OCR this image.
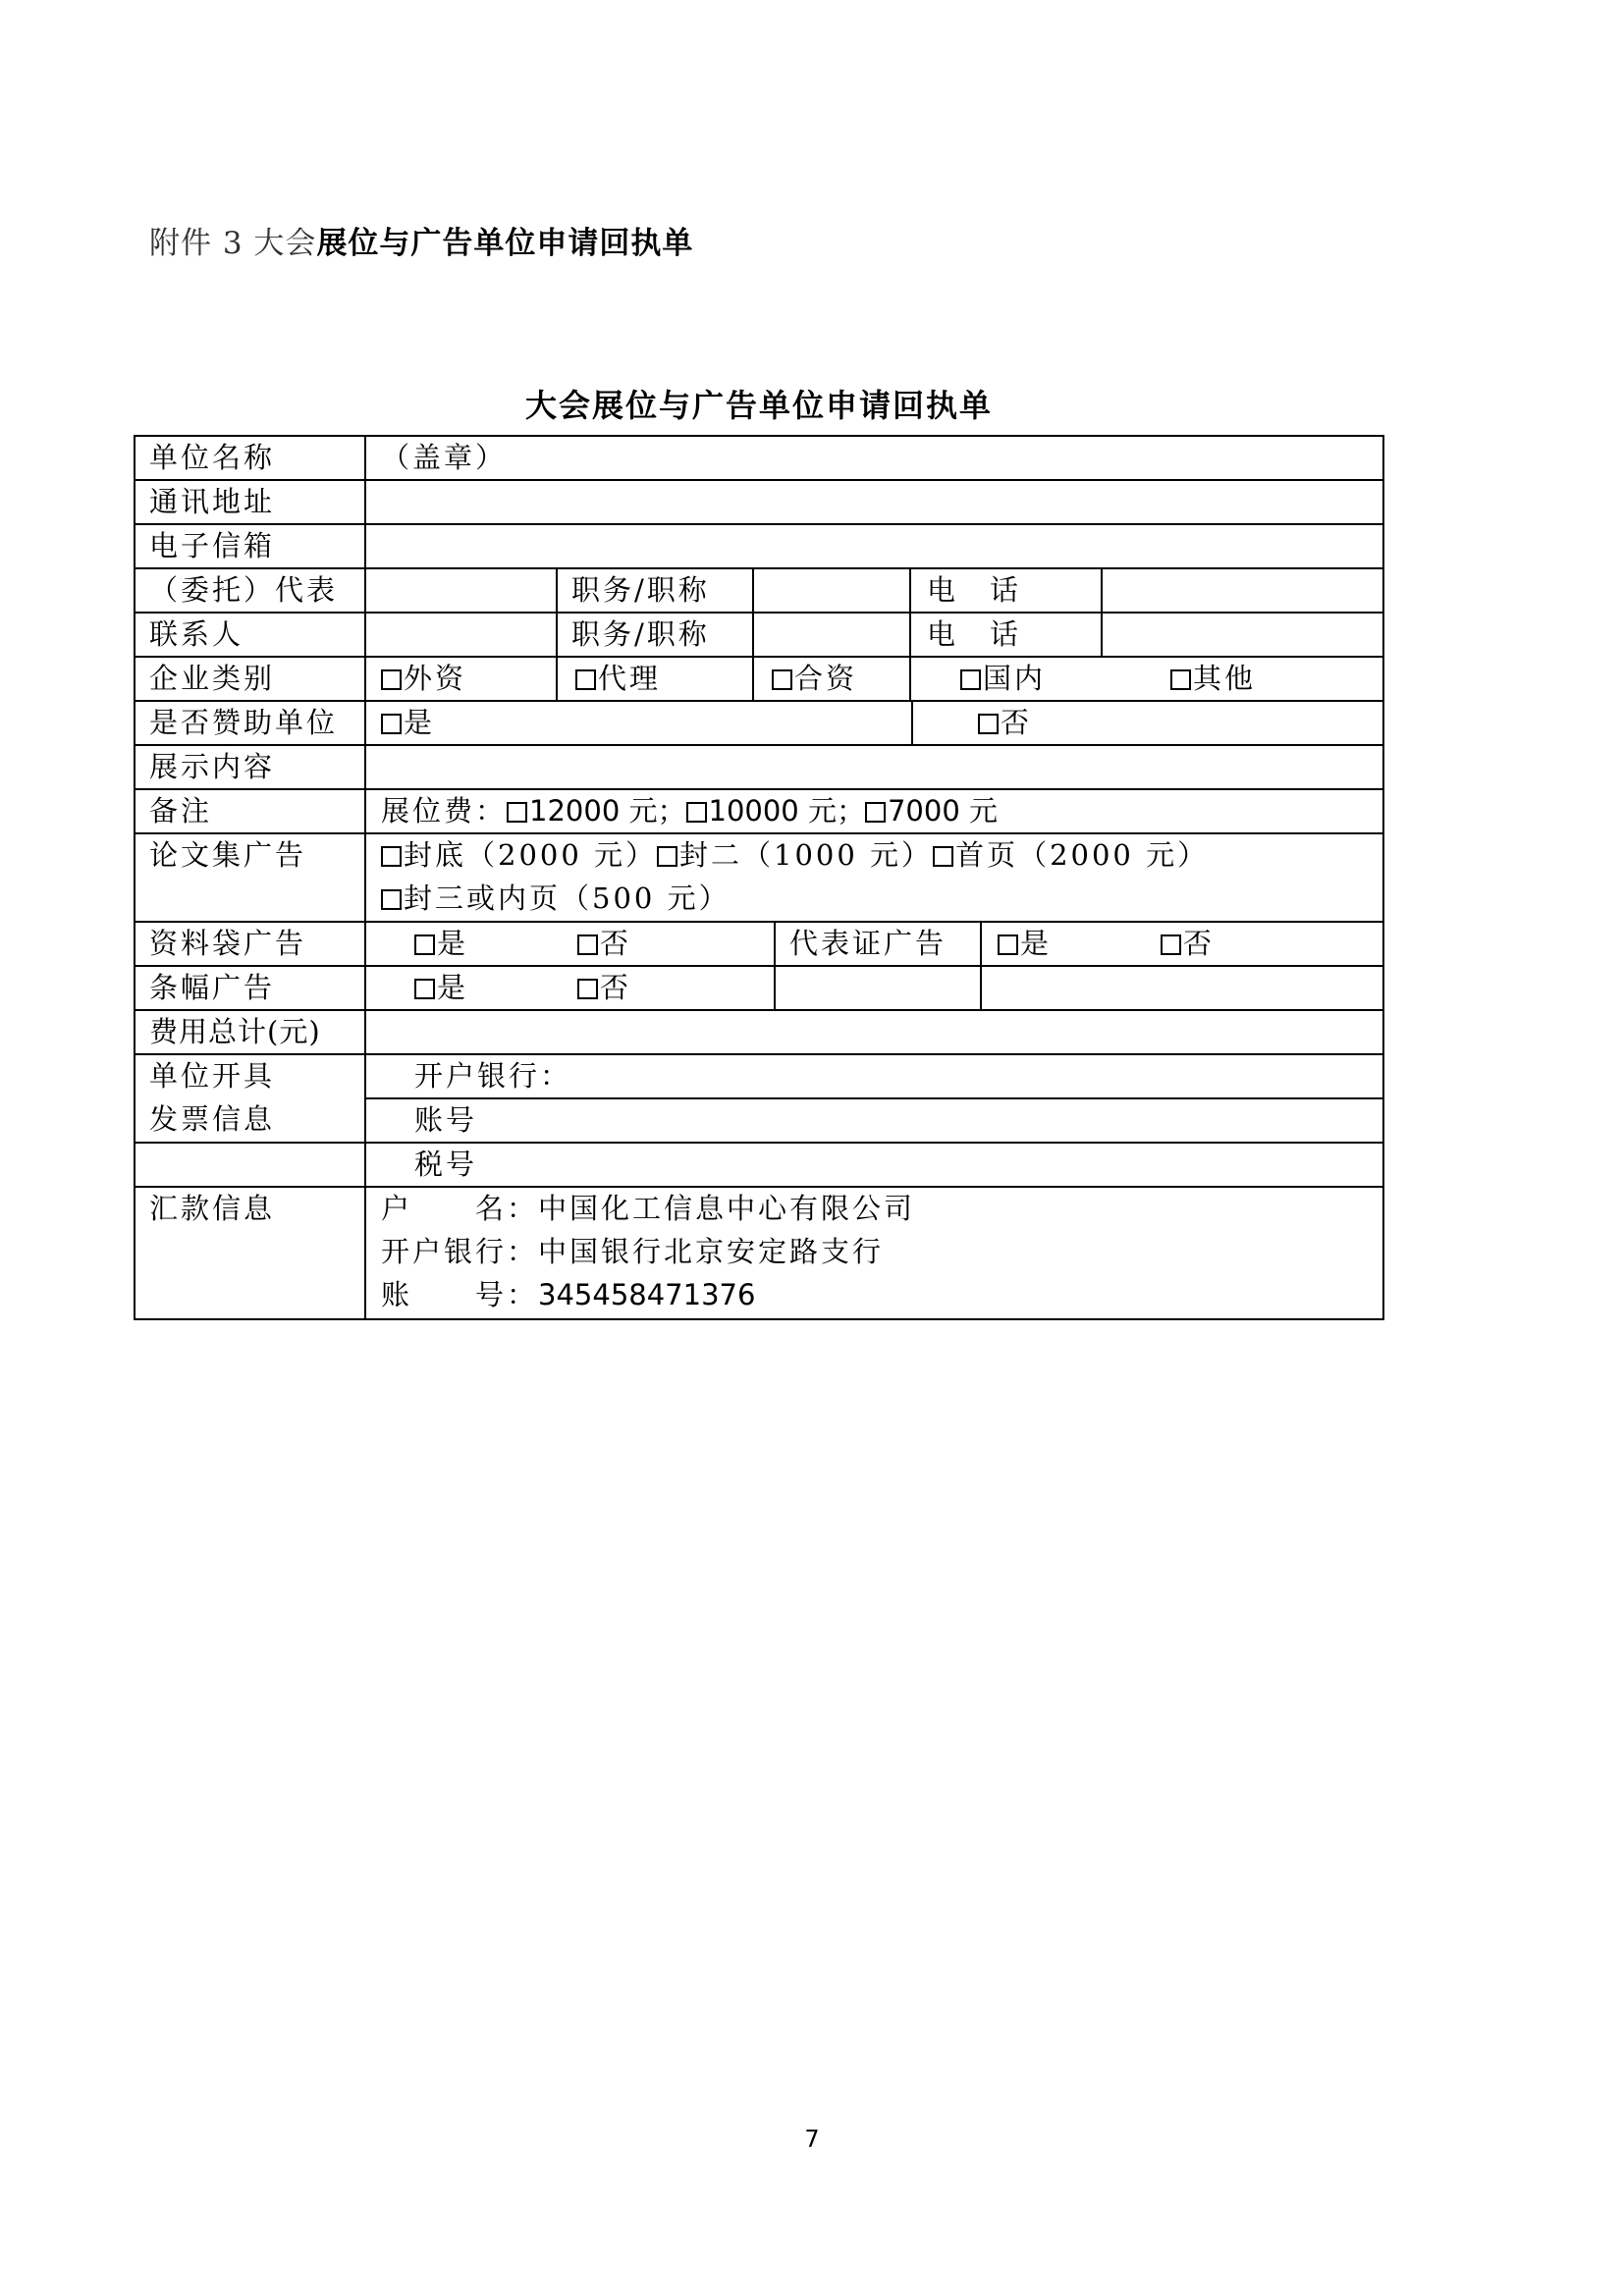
附件 3 大会展位与广告单位申请回执单
大会展位与广告单位申请回执单
单位名称	（盖章）
通讯地址
电子信箱
（委托）代表	职务/职称	电　话
联系人	职务/职称	电　话
企业类别	外资	代理	合资	国内	其他
是否赞助单位	是	否
展示内容
备注	展位费： 12000 元； 10000 元； 7000 元
论文集广告	封底（2000 元） 封二（1000 元） 首页（2000 元）
封三或内页（500 元）
资料袋广告	是	否	代表证广告	是	否
条幅广告	是	否
费用总计(元)
单位开具
发票信息
开户银行：
账号
税号
汇款信息	户　　名：中国化工信息中心有限公司
开户银行：中国银行北京安定路支行
账　　号：345458471376
7
